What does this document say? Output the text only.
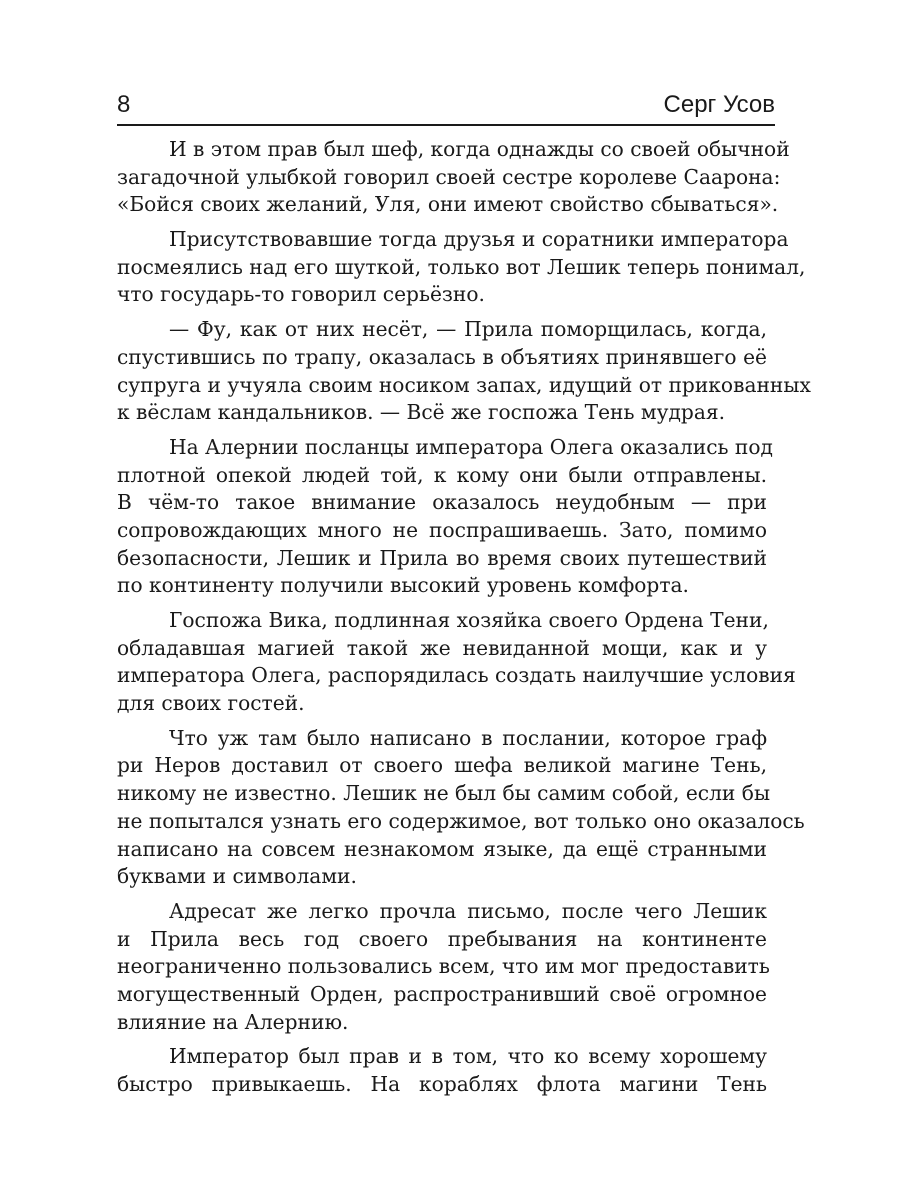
8	Серг Усов
И в этом прав был шеф, когда однажды со своей обычной
загадочной улыбкой говорил своей сестре королеве Саарона:
«Бойся своих желаний, Уля, они имеют свойство сбываться».
Присутствовавшие тогда друзья и соратники императора
посмеялись над его шуткой, только вот Лешик теперь понимал,
что государь-то говорил серьёзно.
— Фу, как от них несёт, — Прила поморщилась, когда,
спустившись по трапу, оказалась в объятиях принявшего её
супруга и учуяла своим носиком запах, идущий от прикованных
к вёслам кандальников. — Всё же госпожа Тень мудрая.
На Алернии посланцы императора Олега оказались под
плотной опекой людей той, к кому они были отправлены.
В чём-то такое внимание оказалось неудобным — при
сопровождающих много не поспрашиваешь. Зато, помимо
безопасности, Лешик и Прила во время своих путешествий
по континенту получили высокий уровень комфорта.
Госпожа Вика, подлинная хозяйка своего Ордена Тени,
обладавшая магией такой же невиданной мощи, как и у
императора Олега, распорядилась создать наилучшие условия
для своих гостей.
Что уж там было написано в послании, которое граф
ри Неров доставил от своего шефа великой магине Тень,
никому не известно. Лешик не был бы самим собой, если бы
не попытался узнать его содержимое, вот только оно оказалось
написано на совсем незнакомом языке, да ещё странными
буквами и символами.
Адресат же легко прочла письмо, после чего Лешик
и Прила весь год своего пребывания на континенте
неограниченно пользовались всем, что им мог предоставить
могущественный Орден, распространивший своё огромное
влияние на Алернию.
Император был прав и в том, что ко всему хорошему
быстро привыкаешь. На кораблях флота магини Тень
